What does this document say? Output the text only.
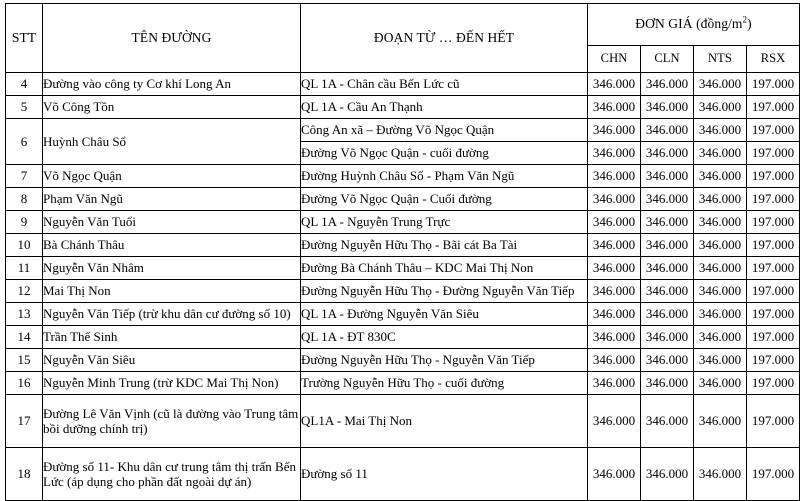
STT	TÊN ĐƯỜNG	ĐOẠN TỪ … ĐẾN HẾT	ĐƠN GIÁ $(đồng/m^2)$			
			CHN	CLN	NTS	RSX
4	Đường vào công ty Cơ khí Long An	QL 1A - Chân cầu Bến Lức cũ	346.000	346.000	346.000	197.000
5	Võ Công Tồn	QL 1A - Cầu An Thạnh	346.000	346.000	346.000	197.000
6	Huỳnh Châu Sổ	Công An xã – Đường Võ Ngọc Quận	346.000	346.000	346.000	197.000
		Đường Võ Ngọc Quận - cuối đường	346.000	346.000	346.000	197.000
7	Võ Ngọc Quận	Đường Huỳnh Châu Sổ - Phạm Văn Ngũ	346.000	346.000	346.000	197.000
8	Phạm Văn Ngũ	Đường Võ Ngọc Quận - Cuối đường	346.000	346.000	346.000	197.000
9	Nguyễn Văn Tuổi	QL 1A - Nguyễn Trung Trực	346.000	346.000	346.000	197.000
10	Bà Chánh Thâu	Đường Nguyễn Hữu Thọ - Bãi cát Ba Tài	346.000	346.000	346.000	197.000
11	Nguyễn Văn Nhâm	Đường Bà Chánh Thâu – KDC Mai Thị Non	346.000	346.000	346.000	197.000
12	Mai Thị Non	Đường Nguyễn Hữu Thọ - Đường Nguyễn Văn Tiếp	346.000	346.000	346.000	197.000
13	Nguyễn Văn Tiếp (trừ khu dân cư đường số 10)	QL 1A - Đường Nguyễn Văn Siêu	346.000	346.000	346.000	197.000
14	Trần Thế Sinh	QL 1A - ĐT 830C	346.000	346.000	346.000	197.000
15	Nguyễn Văn Siêu	Đường Nguyễn Hữu Thọ - Nguyễn Văn Tiếp	346.000	346.000	346.000	197.000
16	Nguyễn Minh Trung (trừ KDC Mai Thị Non)	Trường Nguyễn Hữu Thọ - cuối đường	346.000	346.000	346.000	197.000
17	Đường Lê Văn Vịnh (cũ là đường vào Trung tâm bồi dưỡng chính trị)	QL1A - Mai Thị Non	346.000	346.000	346.000	197.000
18	Đường số 11- Khu dân cư trung tâm thị trấn Bến Lức (áp dụng cho phần đất ngoài dự án)	Đường số 11	346.000	346.000	346.000	197.000
